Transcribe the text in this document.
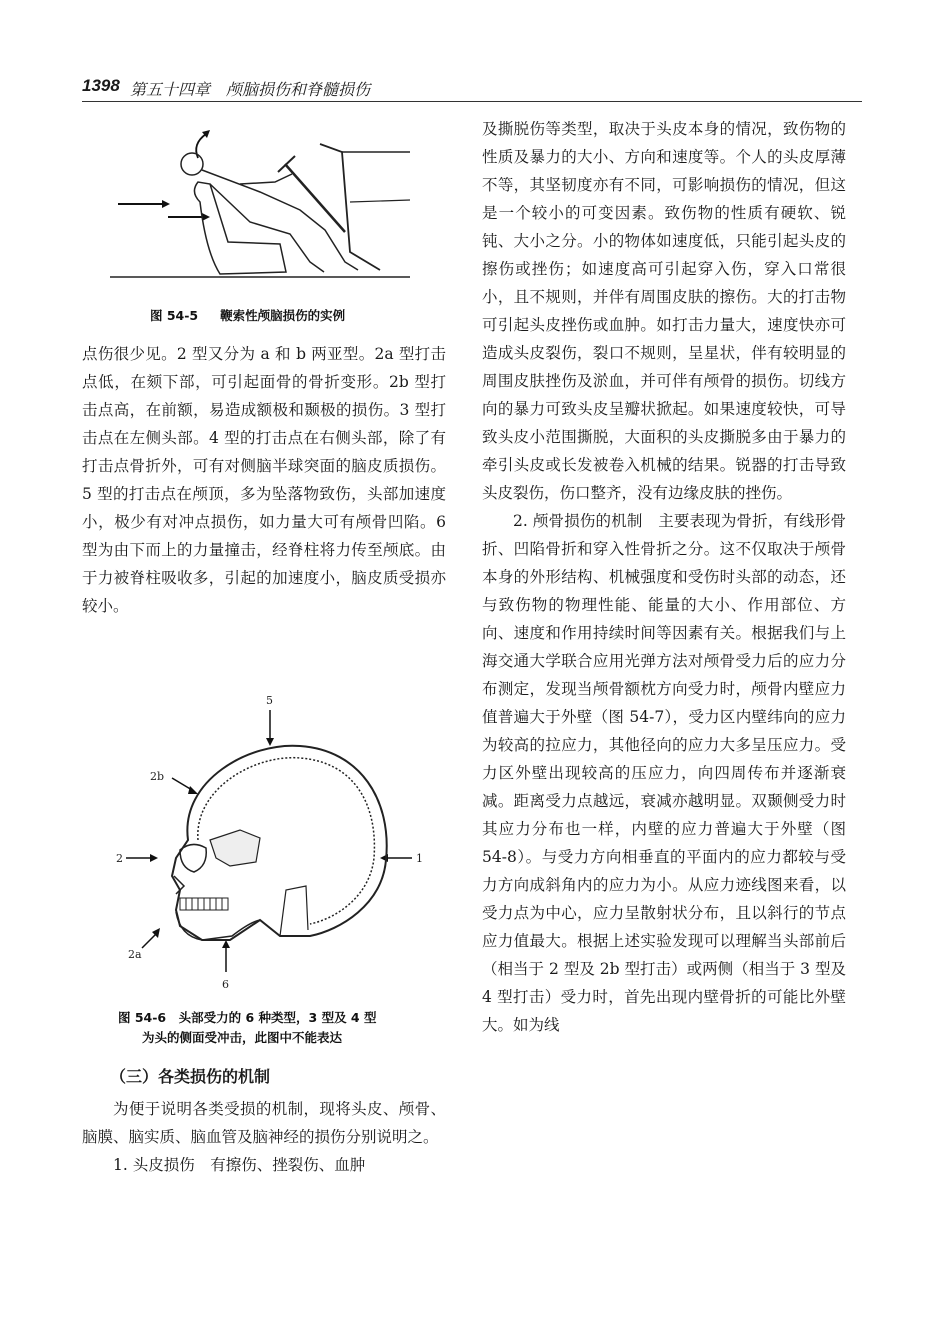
1398 第五十四章　颅脑损伤和脊髓损伤
图 54-5 鞭索性颅脑损伤的实例

点伤很少见。2 型又分为 a 和 b 两亚型。2a 型打击点低，在颏下部，可引起面骨的骨折变形。2b 型打击点高，在前额，易造成额极和颞极的损伤。3 型打击点在左侧头部。4 型的打击点在右侧头部，除了有打击点骨折外，可有对侧脑半球突面的脑皮质损伤。5 型的打击点在颅顶，多为坠落物致伤，头部加速度小，极少有对冲点损伤，如力量大可有颅骨凹陷。6 型为由下而上的力量撞击，经脊柱将力传至颅底。由于力被脊柱吸收多，引起的加速度小，脑皮质受损亦较小。

5
2b
2	1
2a
6
图 54-6　头部受力的 6 种类型，3 型及 4 型
为头的侧面受冲击，此图中不能表达
（三）各类损伤的机制

为便于说明各类受损的机制，现将头皮、颅骨、脑膜、脑实质、脑血管及脑神经的损伤分别说明之。

1. 头皮损伤　有擦伤、挫裂伤、血肿

及撕脱伤等类型，取决于头皮本身的情况，致伤物的性质及暴力的大小、方向和速度等。个人的头皮厚薄不等，其坚韧度亦有不同，可影响损伤的情况，但这是一个较小的可变因素。致伤物的性质有硬软、锐钝、大小之分。小的物体如速度低，只能引起头皮的擦伤或挫伤；如速度高可引起穿入伤，穿入口常很小，且不规则，并伴有周围皮肤的擦伤。大的打击物可引起头皮挫伤或血肿。如打击力量大，速度快亦可造成头皮裂伤，裂口不规则，呈星状，伴有较明显的周围皮肤挫伤及淤血，并可伴有颅骨的损伤。切线方向的暴力可致头皮呈瓣状掀起。如果速度较快，可导致头皮小范围撕脱，大面积的头皮撕脱多由于暴力的牵引头皮或长发被卷入机械的结果。锐器的打击导致头皮裂伤，伤口整齐，没有边缘皮肤的挫伤。

2. 颅骨损伤的机制　主要表现为骨折，有线形骨折、凹陷骨折和穿入性骨折之分。这不仅取决于颅骨本身的外形结构、机械强度和受伤时头部的动态，还与致伤物的物理性能、能量的大小、作用部位、方向、速度和作用持续时间等因素有关。根据我们与上海交通大学联合应用光弹方法对颅骨受力后的应力分布测定，发现当颅骨额枕方向受力时，颅骨内壁应力值普遍大于外壁（图 54-7），受力区内壁纬向的应力为较高的拉应力，其他径向的应力大多呈压应力。受力区外壁出现较高的压应力，向四周传布并逐渐衰减。距离受力点越远，衰减亦越明显。双颞侧受力时其应力分布也一样，内壁的应力普遍大于外壁（图 54-8）。与受力方向相垂直的平面内的应力都较与受力方向成斜角内的应力为小。从应力迹线图来看，以受力点为中心，应力呈散射状分布，且以斜行的节点应力值最大。根据上述实验发现可以理解当头部前后（相当于 2 型及 2b 型打击）或两侧（相当于 3 型及 4 型打击）受力时，首先出现内壁骨折的可能比外壁大。如为线
